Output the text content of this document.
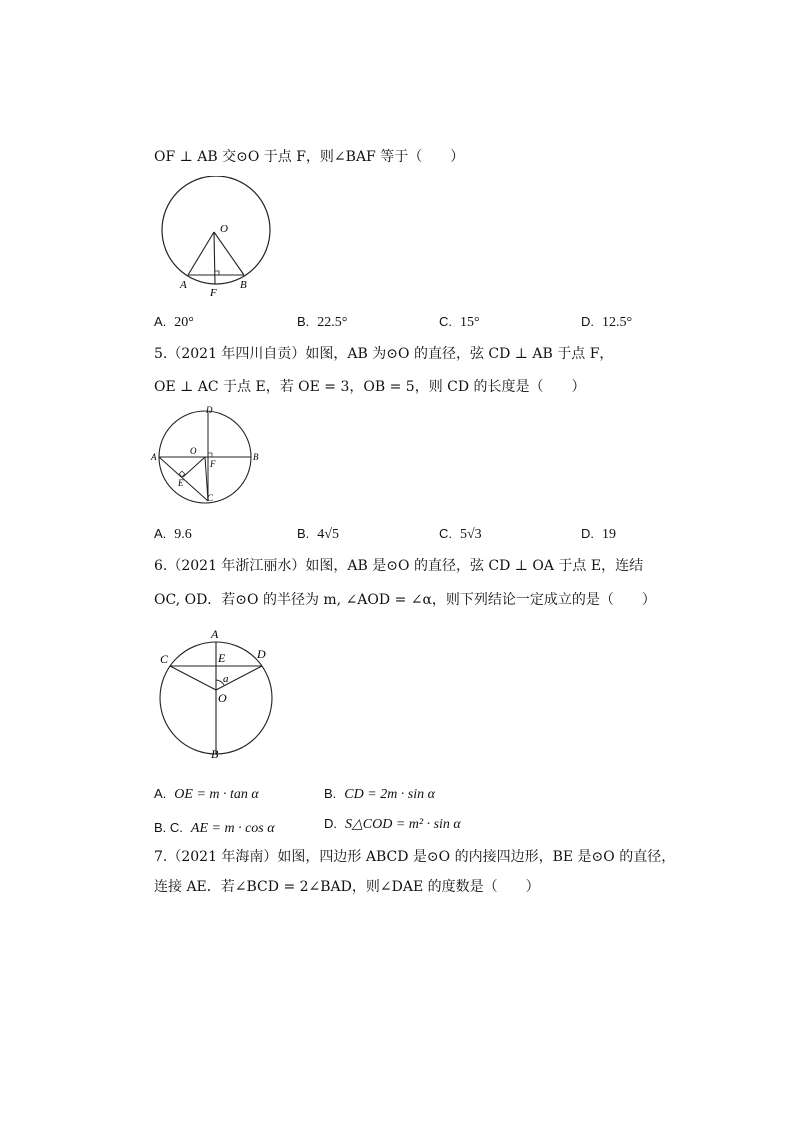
OF ⊥ AB 交⊙O 于点 F，则∠BAF 等于（　　）
O
A
F
B
A. 20°	B. 22.5°	C. 15°	D. 12.5°
5.（2021 年四川自贡）如图，AB 为⊙O 的直径，弦 CD ⊥ AB 于点 F，
OE ⊥ AC 于点 E，若 OE = 3，OB = 5，则 CD 的长度是（　　）
D
A
O
F
B
E
C
A. 9.6	B. 4√5	C. 5√3	D. 19
6.（2021 年浙江丽水）如图，AB 是⊙O 的直径，弦 CD ⊥ OA 于点 E，连结
OC, OD．若⊙O 的半径为 m, ∠AOD = ∠α，则下列结论一定成立的是（　　）
A
C	E	D
a
O
B
A. OE = m · tan α	B. CD = 2m · sin α
B. C. AE = m · cos α	D. S△COD = m² · sin α
7.（2021 年海南）如图，四边形 ABCD 是⊙O 的内接四边形，BE 是⊙O 的直径，
连接 AE．若∠BCD = 2∠BAD，则∠DAE 的度数是（　　）
